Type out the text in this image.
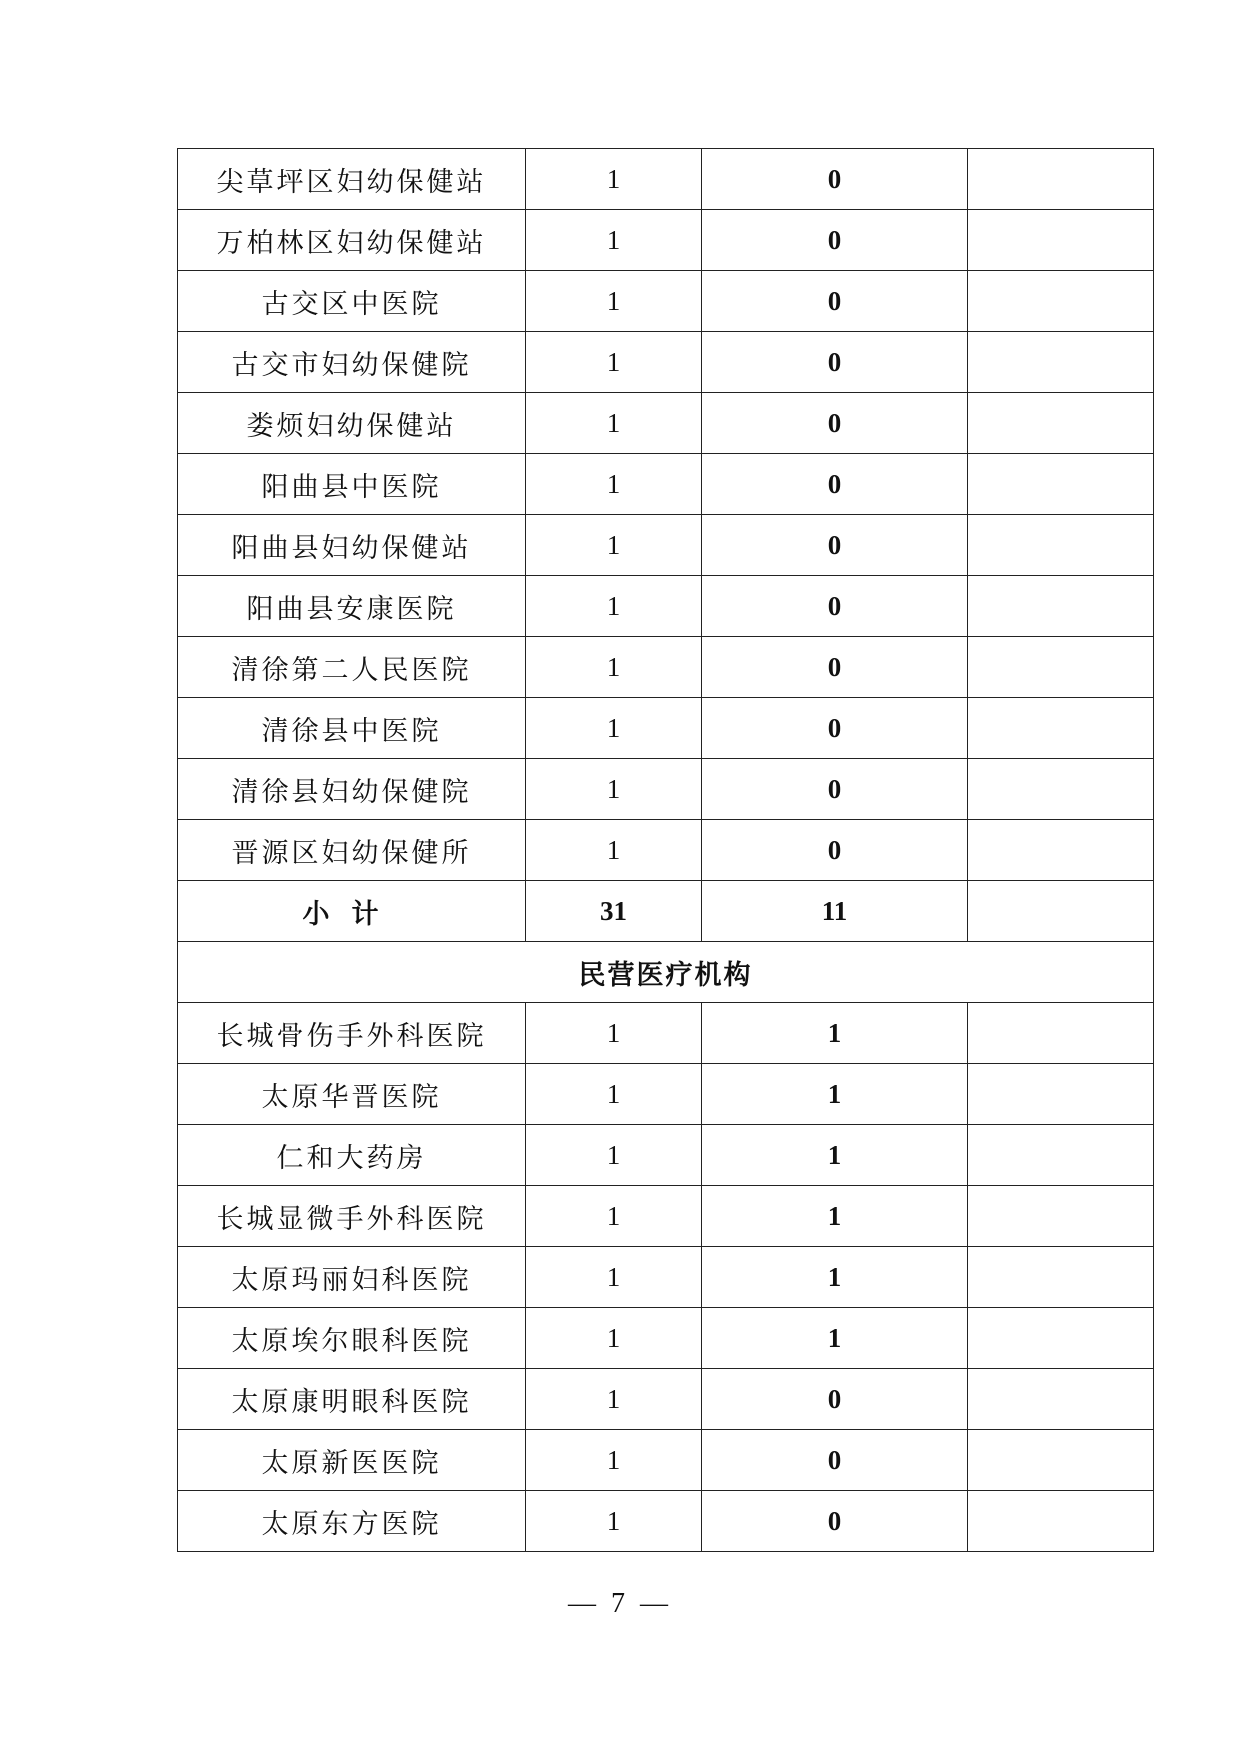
尖草坪区妇幼保健站	1	0	
万柏林区妇幼保健站	1	0	
古交区中医院	1	0	
古交市妇幼保健院	1	0	
娄烦妇幼保健站	1	0	
阳曲县中医院	1	0	
阳曲县妇幼保健站	1	0	
阳曲县安康医院	1	0	
清徐第二人民医院	1	0	
清徐县中医院	1	0	
清徐县妇幼保健院	1	0	
晋源区妇幼保健所	1	0	
小计	31	11	
民营医疗机构			
长城骨伤手外科医院	1	1	
太原华晋医院	1	1	
仁和大药房	1	1	
长城显微手外科医院	1	1	
太原玛丽妇科医院	1	1	
太原埃尔眼科医院	1	1	
太原康明眼科医院	1	0	
太原新医医院	1	0	
太原东方医院	1	0	
— 7 —
